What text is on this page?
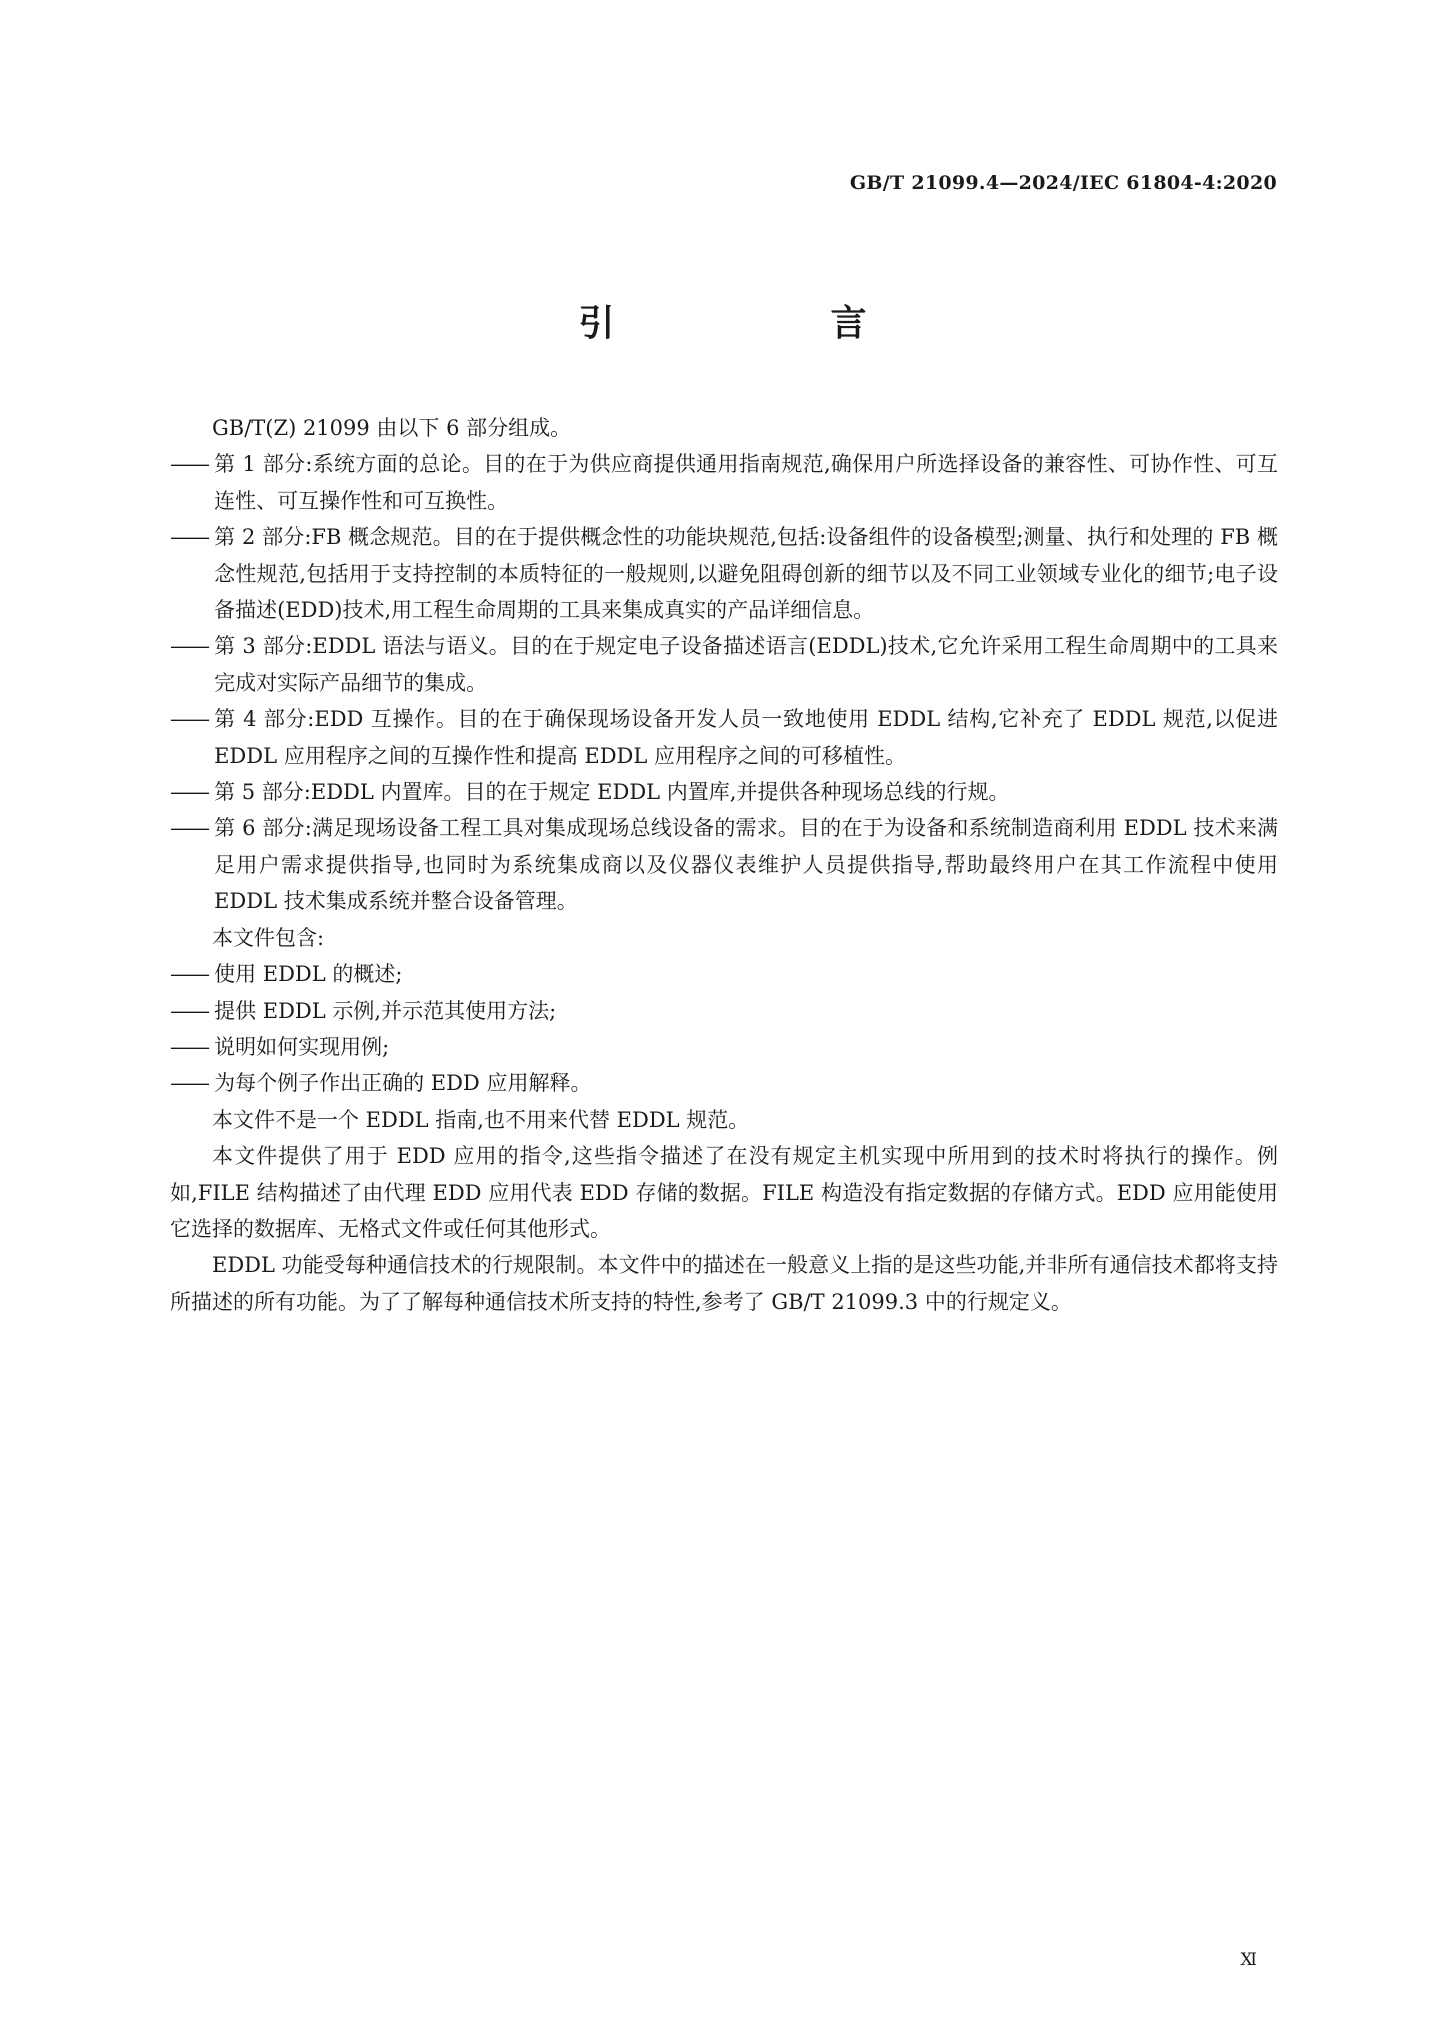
GB/T 21099.4—2024/IEC 61804-4:2020
引　言

GB/T(Z) 21099 由以下 6 部分组成。

—— 第 1 部分:系统方面的总论。目的在于为供应商提供通用指南规范,确保用户所选择设备的兼容性、可协作性、可互连性、可互操作性和可互换性。
—— 第 2 部分:FB 概念规范。目的在于提供概念性的功能块规范,包括:设备组件的设备模型;测量、执行和处理的 FB 概念性规范,包括用于支持控制的本质特征的一般规则,以避免阻碍创新的细节以及不同工业领域专业化的细节;电子设备描述(EDD)技术,用工程生命周期的工具来集成真实的产品详细信息。
—— 第 3 部分:EDDL 语法与语义。目的在于规定电子设备描述语言(EDDL)技术,它允许采用工程生命周期中的工具来完成对实际产品细节的集成。
—— 第 4 部分:EDD 互操作。目的在于确保现场设备开发人员一致地使用 EDDL 结构,它补充了 EDDL 规范,以促进 EDDL 应用程序之间的互操作性和提高 EDDL 应用程序之间的可移植性。
—— 第 5 部分:EDDL 内置库。目的在于规定 EDDL 内置库,并提供各种现场总线的行规。
—— 第 6 部分:满足现场设备工程工具对集成现场总线设备的需求。目的在于为设备和系统制造商利用 EDDL 技术来满足用户需求提供指导,也同时为系统集成商以及仪器仪表维护人员提供指导,帮助最终用户在其工作流程中使用 EDDL 技术集成系统并整合设备管理。

本文件包含:

—— 使用 EDDL 的概述;
—— 提供 EDDL 示例,并示范其使用方法;
—— 说明如何实现用例;
—— 为每个例子作出正确的 EDD 应用解释。

本文件不是一个 EDDL 指南,也不用来代替 EDDL 规范。

本文件提供了用于 EDD 应用的指令,这些指令描述了在没有规定主机实现中所用到的技术时将执行的操作。例如,FILE 结构描述了由代理 EDD 应用代表 EDD 存储的数据。FILE 构造没有指定数据的存储方式。EDD 应用能使用它选择的数据库、无格式文件或任何其他形式。

EDDL 功能受每种通信技术的行规限制。本文件中的描述在一般意义上指的是这些功能,并非所有通信技术都将支持所描述的所有功能。为了了解每种通信技术所支持的特性,参考了 GB/T 21099.3 中的行规定义。

Ⅺ
